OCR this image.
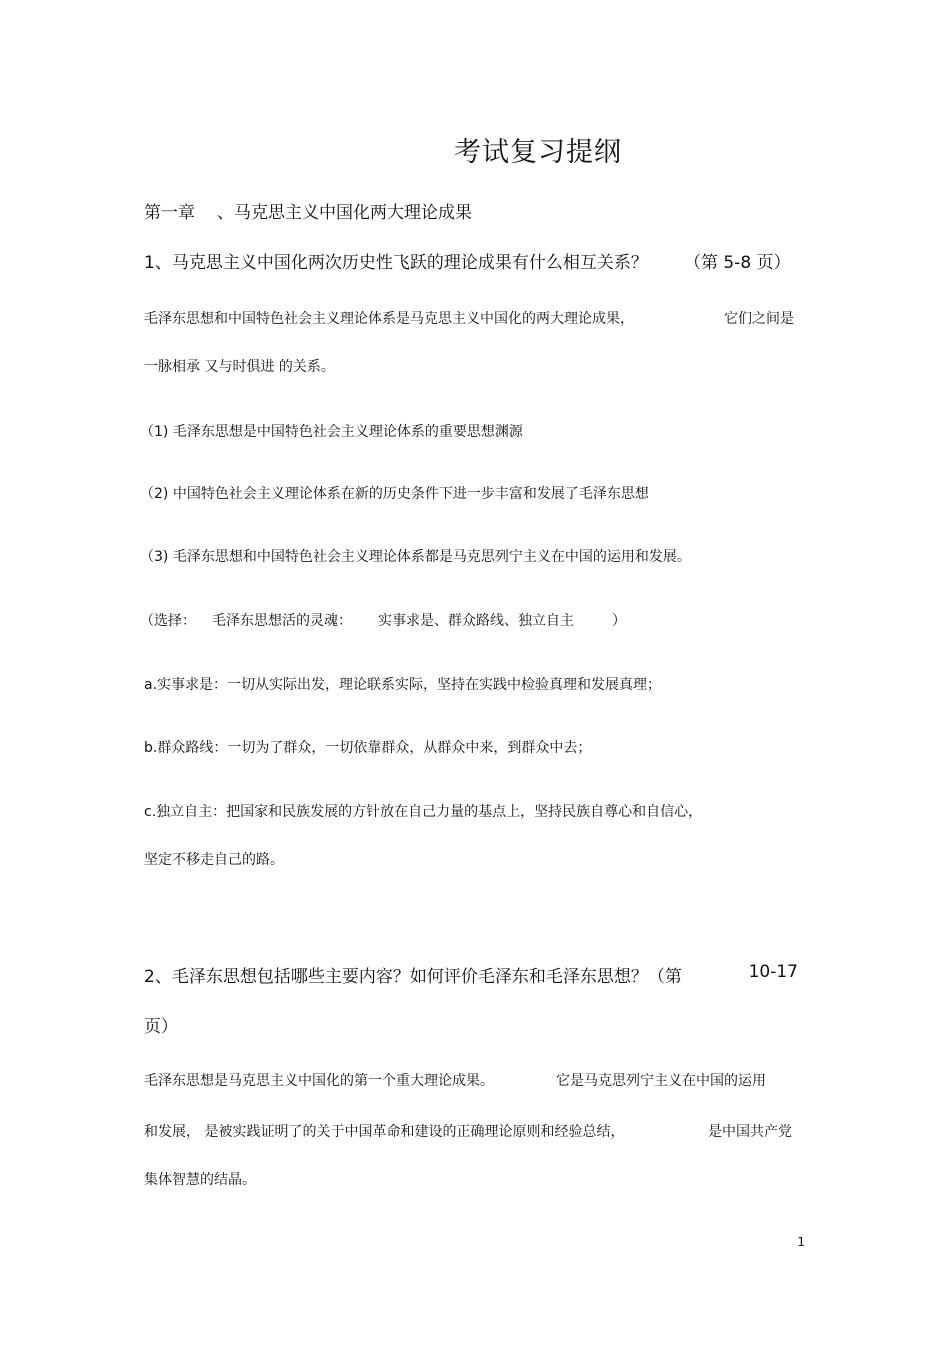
考试复习提纲
第一章 、马克思主义中国化两大理论成果
1、马克思主义中国化两次历史性飞跃的理论成果有什么相互关系？ （第 5-8 页）
毛泽东思想和中国特色社会主义理论体系是马克思主义中国化的两大理论成果，	它们之间是
一脉相承 又与时俱进 的关系。
（1) 毛泽东思想是中国特色社会主义理论体系的重要思想渊源
（2) 中国特色社会主义理论体系在新的历史条件下进一步丰富和发展了毛泽东思想
（3) 毛泽东思想和中国特色社会主义理论体系都是马克思列宁主义在中国的运用和发展。
（选择： 毛泽东思想活的灵魂： 实事求是、群众路线、独立自主	）
a.实事求是：一切从实际出发，理论联系实际，坚持在实践中检验真理和发展真理；
b.群众路线：一切为了群众，一切依靠群众，从群众中来，到群众中去；
c.独立自主：把国家和民族发展的方针放在自己力量的基点上，坚持民族自尊心和自信心，
坚定不移走自己的路。
2、毛泽东思想包括哪些主要内容？如何评价毛泽东和毛泽东思想？（第	10-17
页）
毛泽东思想是马克思主义中国化的第一个重大理论成果。	它是马克思列宁主义在中国的运用
和发展， 是被实践证明了的关于中国革命和建设的正确理论原则和经验总结，	是中国共产党
集体智慧的结晶。
1
